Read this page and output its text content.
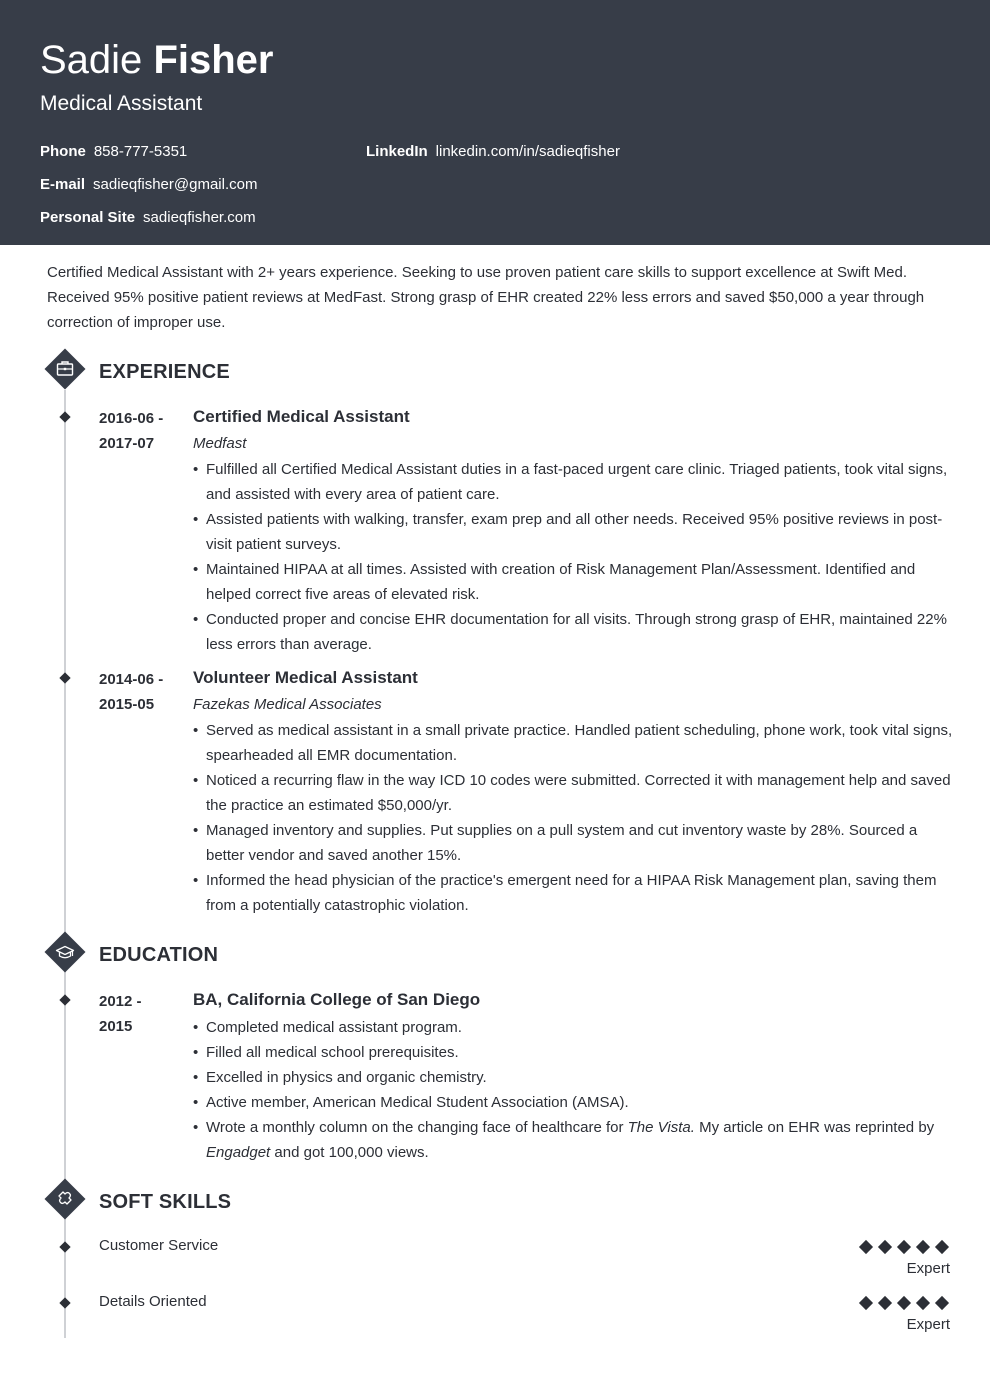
Sadie Fisher
Medical Assistant
Phone 858-777-5351	LinkedIn linkedin.com/in/sadieqfisher
E-mail sadieqfisher@gmail.com
Personal Site sadieqfisher.com
Certified Medical Assistant with 2+ years experience. Seeking to use proven patient care skills to support excellence at Swift Med. Received 95% positive patient reviews at MedFast. Strong grasp of EHR created 22% less errors and saved $50,000 a year through correction of improper use.
EXPERIENCE
2016-06 -
2017-07
Certified Medical Assistant
Medfast
• Fulfilled all Certified Medical Assistant duties in a fast-paced urgent care clinic. Triaged patients, took vital signs, and assisted with every area of patient care.
• Assisted patients with walking, transfer, exam prep and all other needs. Received 95% positive reviews in post-visit patient surveys.
• Maintained HIPAA at all times. Assisted with creation of Risk Management Plan/Assessment. Identified and helped correct five areas of elevated risk.
• Conducted proper and concise EHR documentation for all visits. Through strong grasp of EHR, maintained 22% less errors than average.
2014-06 -
2015-05
Volunteer Medical Assistant
Fazekas Medical Associates
• Served as medical assistant in a small private practice. Handled patient scheduling, phone work, took vital signs, spearheaded all EMR documentation.
• Noticed a recurring flaw in the way ICD 10 codes were submitted. Corrected it with management help and saved the practice an estimated $50,000/yr.
• Managed inventory and supplies. Put supplies on a pull system and cut inventory waste by 28%. Sourced a better vendor and saved another 15%.
• Informed the head physician of the practice's emergent need for a HIPAA Risk Management plan, saving them from a potentially catastrophic violation.
EDUCATION
2012 -
2015
BA, California College of San Diego
• Completed medical assistant program.
• Filled all medical school prerequisites.
• Excelled in physics and organic chemistry.
• Active member, American Medical Student Association (AMSA).
• Wrote a monthly column on the changing face of healthcare for The Vista. My article on EHR was reprinted by Engadget and got 100,000 views.
SOFT SKILLS
Customer Service
Expert
Details Oriented
Expert
